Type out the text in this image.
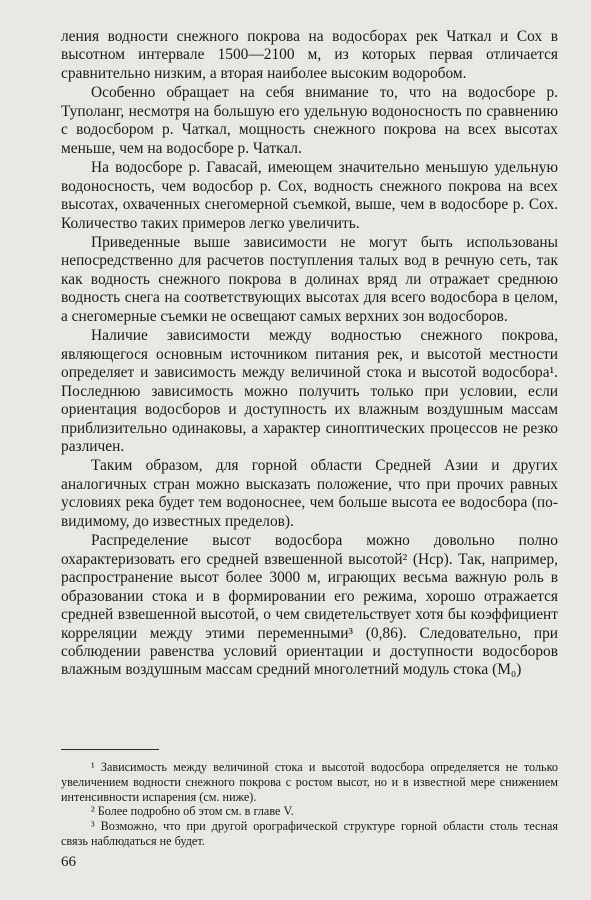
ления водности снежного покрова на водосборах рек Чаткал и Сох в высотном интервале 1500—2100 м, из которых первая отличается сравнительно низким, а вторая наиболее высоким водоробом.

Особенно обращает на себя внимание то, что на водосборе р. Туполанг, несмотря на большую его удельную водоносность по сравнению с водосбором р. Чаткал, мощность снежного покрова на всех высотах меньше, чем на водосборе р. Чаткал.

На водосборе р. Гавасай, имеющем значительно меньшую удельную водоносность, чем водосбор р. Сох, водность снежного покрова на всех высотах, охваченных снегомерной съемкой, выше, чем в водосборе р. Сох. Количество таких примеров легко увеличить.

Приведенные выше зависимости не могут быть использованы непосредственно для расчетов поступления талых вод в речную сеть, так как водность снежного покрова в долинах вряд ли отражает среднюю водность снега на соответствующих высотах для всего водосбора в целом, а снегомерные съемки не освещают самых верхних зон водосборов.

Наличие зависимости между водностью снежного покрова, являющегося основным источником питания рек, и высотой местности определяет и зависимость между величиной стока и высотой водосбора¹. Последнюю зависимость можно получить только при условии, если ориентация водосборов и доступность их влажным воздушным массам приблизительно одинаковы, а характер синоптических процессов не резко различен.

Таким образом, для горной области Средней Азии и других аналогичных стран можно высказать положение, что при прочих равных условиях река будет тем водоноснее, чем больше высота ее водосбора (по-видимому, до известных пределов).

Распределение высот водосбора можно довольно полно охарактеризовать его средней взвешенной высотой² (Hср). Так, например, распространение высот более 3000 м, играющих весьма важную роль в образовании стока и в формировании его режима, хорошо отражается средней взвешенной высотой, о чем свидетельствует хотя бы коэффициент корреляции между этими переменными³ (0,86). Следовательно, при соблюдении равенства условий ориентации и доступности водосборов влажным воздушным массам средний многолетний модуль стока (M₀)

¹ Зависимость между величиной стока и высотой водосбора определяется не только увеличением водности снежного покрова с ростом высот, но и в известной мере снижением интенсивности испарения (см. ниже).

² Более подробно об этом см. в главе V.

³ Возможно, что при другой орографической структуре горной области столь тесная связь наблюдаться не будет.

66
